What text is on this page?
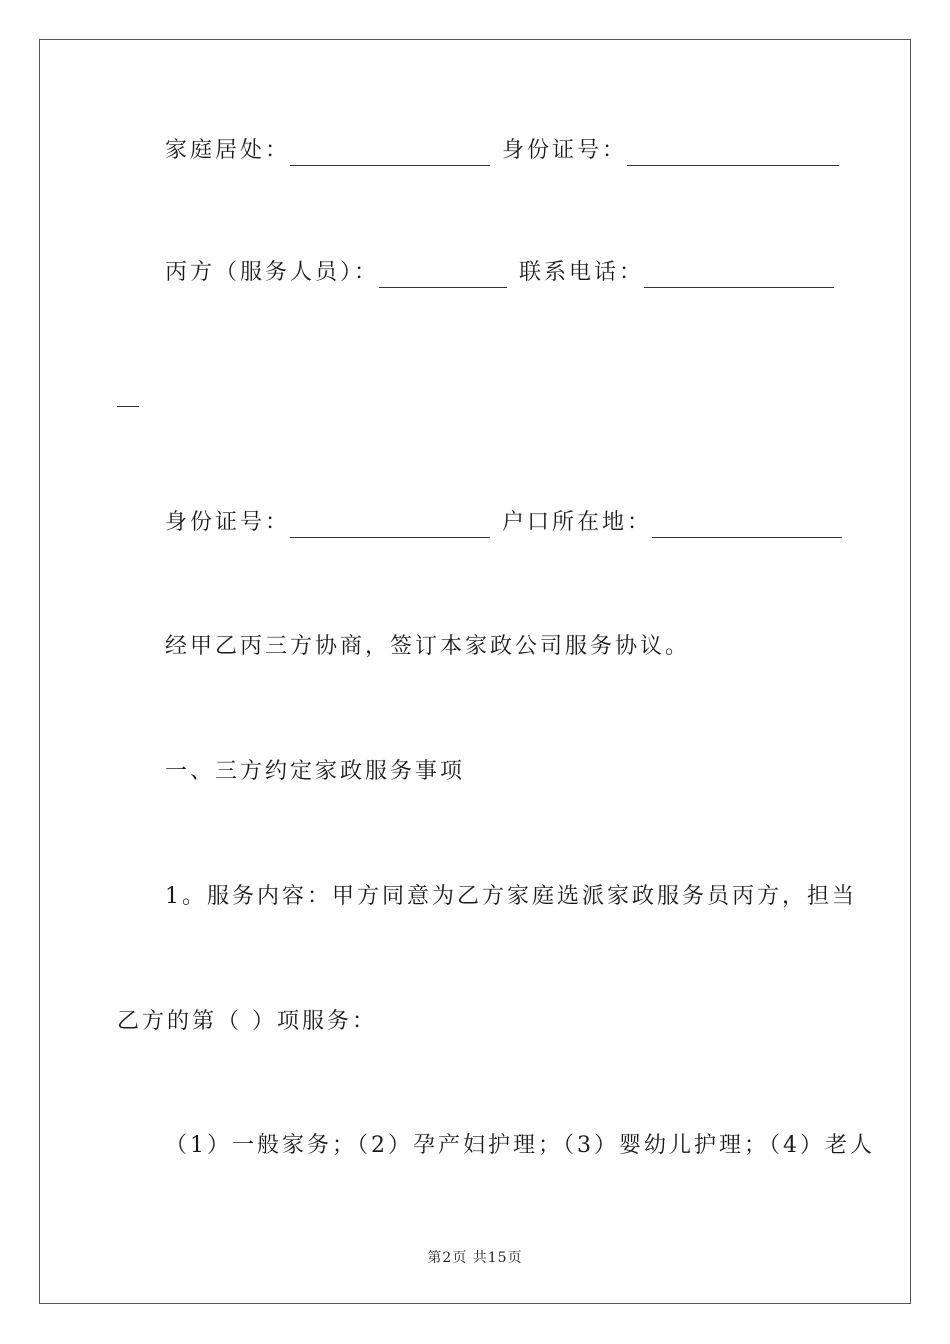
家庭居处：	身份证号：
丙方（服务人员）：	联系电话：
身份证号：	户口所在地：
经甲乙丙三方协商，签订本家政公司服务协议。
一、三方约定家政服务事项
1。服务内容：甲方同意为乙方家庭选派家政服务员丙方，担当
乙方的第（ ）项服务：
（1）一般家务；（2）孕产妇护理；（3）婴幼儿护理；（4）老人
第2页 共15页
